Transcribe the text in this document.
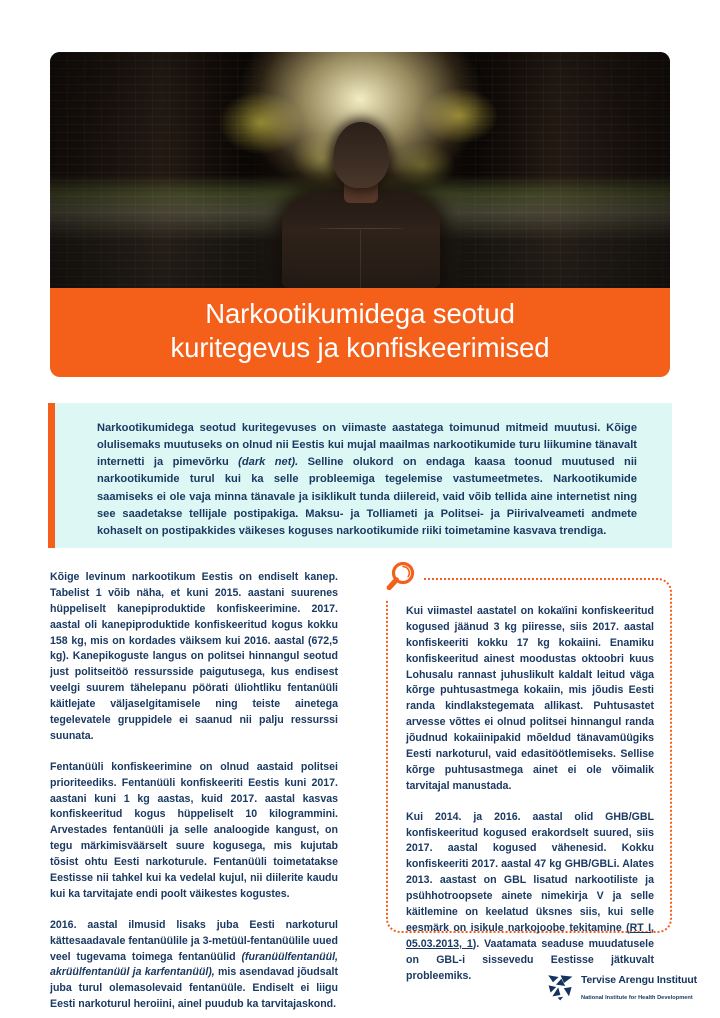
Narkootikumidega seotud
kuritegevus ja konfiskeerimised
Narkootikumidega seotud kuritegevuses on viimaste aastatega toimunud mitmeid muutusi. Kõige olulisemaks muutuseks on olnud nii Eestis kui mujal maailmas narkootikumide turu liikumine tänavalt internetti ja pimevõrku (dark net). Selline olukord on endaga kaasa toonud muutused nii narkootikumide turul kui ka selle probleemiga tegelemise vastumeetmetes. Narkootikumide saamiseks ei ole vaja minna tänavale ja isiklikult tunda diilereid, vaid võib tellida aine internetist ning see saadetakse tellijale postipakiga. Maksu- ja Tolliameti ja Politsei- ja Piirivalveameti andmete kohaselt on postipakkides väikeses koguses narkootikumide riiki toimetamine kasvava trendiga.

Kõige levinum narkootikum Eestis on endiselt kanep. Tabelist 1 võib näha, et kuni 2015. aastani suurenes hüppeliselt kanepiproduktide konfiskeerimine. 2017. aastal oli kanepiproduktide konfiskeeritud kogus kokku 158 kg, mis on kordades väiksem kui 2016. aastal (672,5 kg). Kanepikoguste langus on politsei hinnangul seotud just politseitöö ressursside paigutusega, kus endisest veelgi suurem tähelepanu pöörati üliohtliku fentanüüli käitlejate väljaselgitamisele ning teiste ainetega tegelevatele gruppidele ei saanud nii palju ressurssi suunata.

Fentanüüli konfiskeerimine on olnud aastaid politsei prioriteediks. Fentanüüli konfiskeeriti Eestis kuni 2017. aastani kuni 1 kg aastas, kuid 2017. aastal kasvas konfiskeeritud kogus hüppeliselt 10 kilogrammini. Arvestades fentanüüli ja selle analoogide kangust, on tegu märkimisväärselt suure kogusega, mis kujutab tõsist ohtu Eesti narkoturule. Fentanüüli toimetatakse Eestisse nii tahkel kui ka vedelal kujul, nii diilerite kaudu kui ka tarvitajate endi poolt väikestes kogustes.

2016. aastal ilmusid lisaks juba Eesti narkoturul kättesaadavale fentanüülile ja 3-metüül-fentanüülile uued veel tugevama toimega fentanüülid (furanüülfentanüül, akrüülfentanüül ja karfentanüül), mis asendavad jõudsalt juba turul olemasolevaid fentanüüle. Endiselt ei liigu Eesti narkoturul heroiini, ainel puudub ka tarvitajaskond.

Kui viimastel aastatel on kokaïini konfiskeeritud kogused jäänud 3 kg piiresse, siis 2017. aastal konfiskeeriti kokku 17 kg kokaiini. Enamiku konfiskeeritud ainest moodustas oktoobri kuus Lohusalu rannast juhuslikult kaldalt leitud väga kõrge puhtusastmega kokaiin, mis jõudis Eesti randa kindlakstegemata allikast. Puhtusastet arvesse võttes ei olnud politsei hinnangul randa jõudnud kokaiinipakid mõeldud tänavamüügiks Eesti narkoturul, vaid edasitöötlemiseks. Sellise kõrge puhtusastmega ainet ei ole võimalik tarvitajal manustada.

Kui 2014. ja 2016. aastal olid GHB/GBL konfiskeeritud kogused erakordselt suured, siis 2017. aastal kogused vähenesid. Kokku konfiskeeriti 2017. aastal 47 kg GHB/GBLi. Alates 2013. aastast on GBL lisatud narkootiliste ja psühhotroopsete ainete nimekirja V ja selle käitlemine on keelatud üksnes siis, kui selle eesmärk on isikule narkojoobe tekitamine (RT I, 05.03.2013, 1). Vaatamata seaduse muudatusele on GBL-i sissevedu Eestisse jätkuvalt probleemiks.	Tervise Arengu Instituut National Institute for Health Development
